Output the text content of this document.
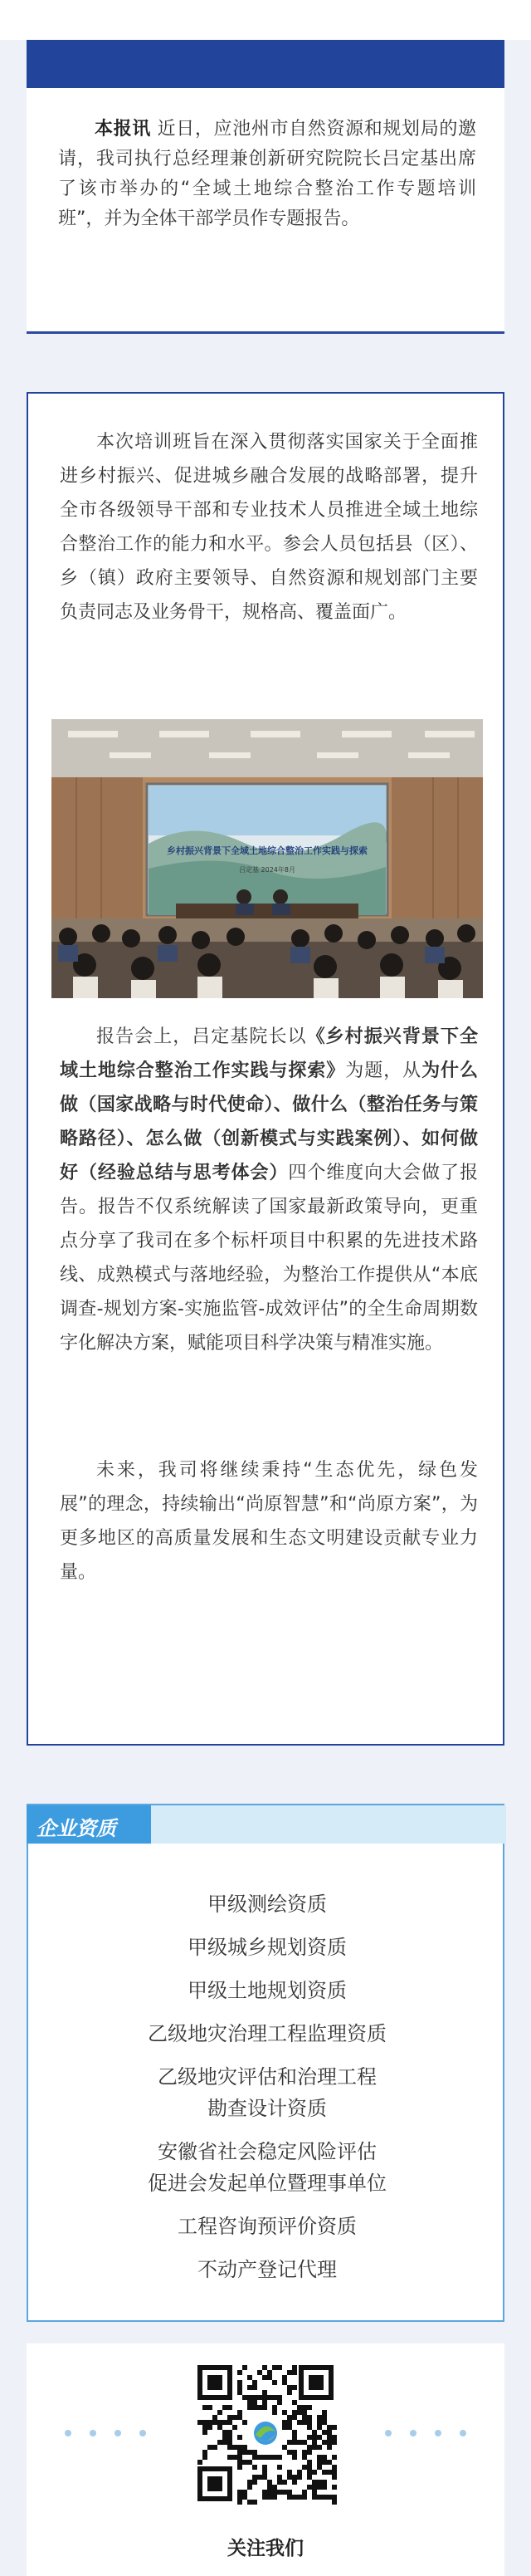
本报讯 近日，应池州市自然资源和规划局的邀请，我司执行总经理兼创新研究院院长吕定基出席了该市举办的“全域土地综合整治工作专题培训班”，并为全体干部学员作专题报告。

本次培训班旨在深入贯彻落实国家关于全面推进乡村振兴、促进城乡融合发展的战略部署，提升全市各级领导干部和专业技术人员推进全域土地综合整治工作的能力和水平。参会人员包括县（区）、乡（镇）政府主要领导、自然资源和规划部门主要负责同志及业务骨干，规格高、覆盖面广。

乡村振兴背景下全域土地综合整治工作实践与探索
吕定基 2024年8月

报告会上，吕定基院长以《乡村振兴背景下全域土地综合整治工作实践与探索》为题，从为什么做（国家战略与时代使命）、做什么（整治任务与策略路径）、怎么做（创新模式与实践案例）、如何做好（经验总结与思考体会）四个维度向大会做了报告。报告不仅系统解读了国家最新政策导向，更重点分享了我司在多个标杆项目中积累的先进技术路线、成熟模式与落地经验，为整治工作提供从“本底调查-规划方案-实施监管-成效评估”的全生命周期数字化解决方案，赋能项目科学决策与精准实施。

未来，我司将继续秉持“生态优先，绿色发展”的理念，持续输出“尚原智慧”和“尚原方案”，为更多地区的高质量发展和生态文明建设贡献专业力量。

企业资质
甲级测绘资质
甲级城乡规划资质
甲级土地规划资质
乙级地灾治理工程监理资质
乙级地灾评估和治理工程
勘查设计资质
安徽省社会稳定风险评估
促进会发起单位暨理事单位
工程咨询预评价资质
不动产登记代理
关注我们
